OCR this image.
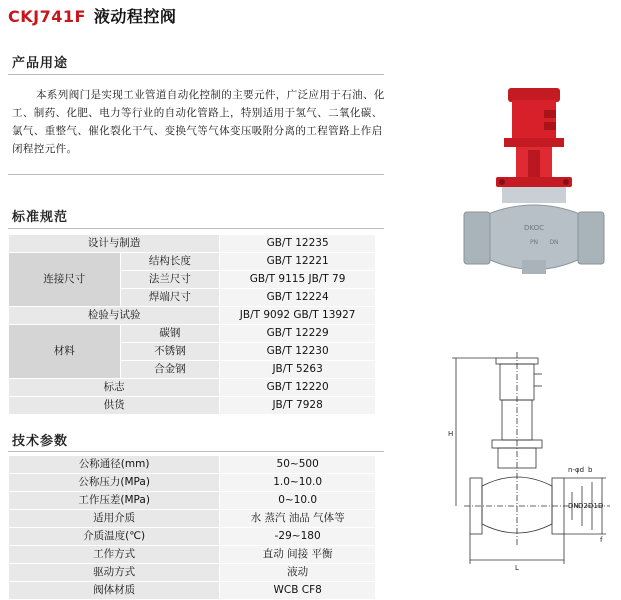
CKJ741F 液动程控阀
产品用途
本系列阀门是实现工业管道自动化控制的主要元件，广泛应用于石油、化工、制药、化肥、电力等行业的自动化管路上，特别适用于氢气、二氧化碳、氯气、重整气、催化裂化干气、变换气等气体变压吸附分离的工程管路上作启闭程控元件。
标准规范
设计与制造		GB/T 12235
连接尺寸	结构长度	GB/T 12221
	法兰尺寸	GB/T 9115 JB/T 79
	焊端尺寸	GB/T 12224
检验与试验		JB/T 9092 GB/T 13927
材料	碳钢	GB/T 12229
	不锈钢	GB/T 12230
	合金钢	JB/T 5263
标志		GB/T 12220
供货		JB/T 7928
技术参数
公称通径(mm)	50~500
公称压力(MPa)	1.0~10.0
工作压差(MPa)	0~10.0
适用介质	水 蒸汽 油品 气体等
介质温度(℃)	-29~180
工作方式	直动 间接 平衡
驱动方式	液动
阀体材质	WCB CF8
DKOC
PN DN
H
n-φd
DN D2 D1 D
b
L
f
